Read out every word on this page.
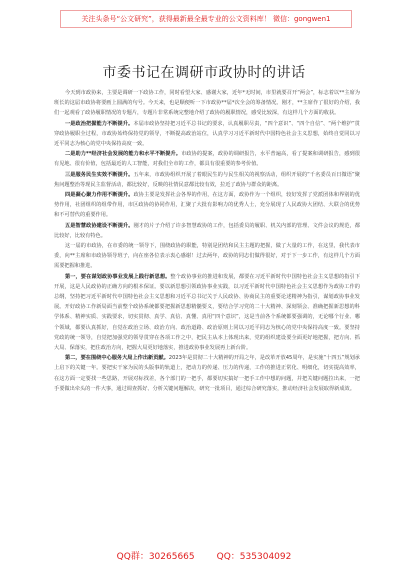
关注头条号“公文研究”，获得最新最全最专业的公文资料库！ 微信：gongwen1
市委书记在调研市政协时的讲话

今天到市政协来，主要是调研一下政协工作，同时看望大家、感谢大家，近年*无时间，市里就要召开“两会”，标志着以**主席为班长的这届市政协将要画上圆满的句号。今天来，也是顺便听一下市政协**届*次全会的筹备情况。刚才，**主席作了很好的介绍，我们一起观看了政协履职情况的专题片，专题片非常系统完整地介绍了政协的履职情况，感受比较深，有这样几个方面的收获。

一是政治把握能力不断提升。本届市政协坚持把习近平总书记的要求，认真履职尽责，“四个意识”、“四个自信”、“两个维护”贯穿政协履职全过程，市政协始终保持党的领导，不断提高政治站位，认真学习习近平新时代中国特色社会主义思想，始终自觉同以习近平同志为核心的党中央保持高度一致。

二是助力**经济社会发展的能力和水平不断提升。市政协的提案，政协的调研报告，水平普遍高，看了提案和调研报告，感到很有见地、很有价值，包括最近的人工智能，对我们全市的工作，都具有很重要的参考价值。

三是服务民生实效不断提升。五年来，市政协组织开展了着眼民生的与民生相关的视察活动，组织开展的“千名委员百日微语”聚焦问题整治等现民主监督活动，都比较好，反映的社情民意都比较有效，拉近了政协与群众的距离。

四是凝心聚力作用不断提升。政协主要是发挥社会各界的作用，在这方面，政协作为一个组织，较好发挥了党派团体和界别的优势作用，社团组织的组带作用，市区政协的协同作用，汇聚了大批有影响力的优秀人士，充分展现了人民政协大团结、大联合的优势和不可替代的重要作用。

五是智慧政协建设不断提升。刚才的片子介绍了许多智慧政协的工作，包括委员的履职、机关内部的管理、文件会议的规范，都比较好，比较有特色。

这一届的市政协，在市委的统一领导下，围绕政协的职能，特别是团结和民主主题的把握，做了大量的工作，在这里，我代表市委，向**主席和市政协领导班子，向在座各位表示衷心感谢！过去两年，政协的同志们做得很好，对于下一步工作，有这样几个方面需要把握和推进。

第一，要在谋划政协事业发展上践行新思想。整个政协事业的推进和发展，都要在习近平新时代中国特色社会主义思想的指引下开展，这是人民政协的正确方向的根本保证。要以新思想引领政协事业实践，以习近平新时代中国特色社会主义思想作为政协工作的总纲，坚持把习近平新时代中国特色社会主义思想和习近平总书记关于人民政协、协商民主的重要论述精神为指引，谋划政协事业发展。开好政协工作新局面当前整个政协系统都要把握新思想精髓要义，要结合学习党的二十大精神、深刻领会、准确把握新思想的科学体系、精神实质、实践要求，切实贯彻、真学、真信、真懂、真用“四个意识”，这是当前各个系统都要强调的，无论哪个行业、哪个领域，都要认真抓好，自觉在政治立场、政治方向、政治道路、政治原则上同以习近平同志为核心的党中央保持高度一致。要坚持党政的统一领导，自觉把加强党的领导贯穿在各项工作之中，把民主从本上体现出来，党的组织建设要全面更好地把握，把方向、抓大局、保落实，把住政治方向，把握大局更好地落实，推进政协事业发展再上新台阶。

第二，要在围绕中心服务大局上作出新贡献。2023年是贯彻二十大精神的开局之年，是改革开放45周年，是实施“十四五”规划承上启下的关键一年。要把实干家为民的头版事的轨道上，把动力的传递、压力的传递，工作的推进正常化、明细化，切实提高效率，在这方面一定要找一些思路，开展对标找差，各个部门的一把手，都要切实搞好一把手工作中想的问题，并把关键问题拉出来，一把手要做出牵头的一件大事，通过调查抓好、分析关键问题解决，研究一批项目，通过综合研究落实，推动经济社会发展取得新成效。

QQ群：30265665 QQ：535304092
